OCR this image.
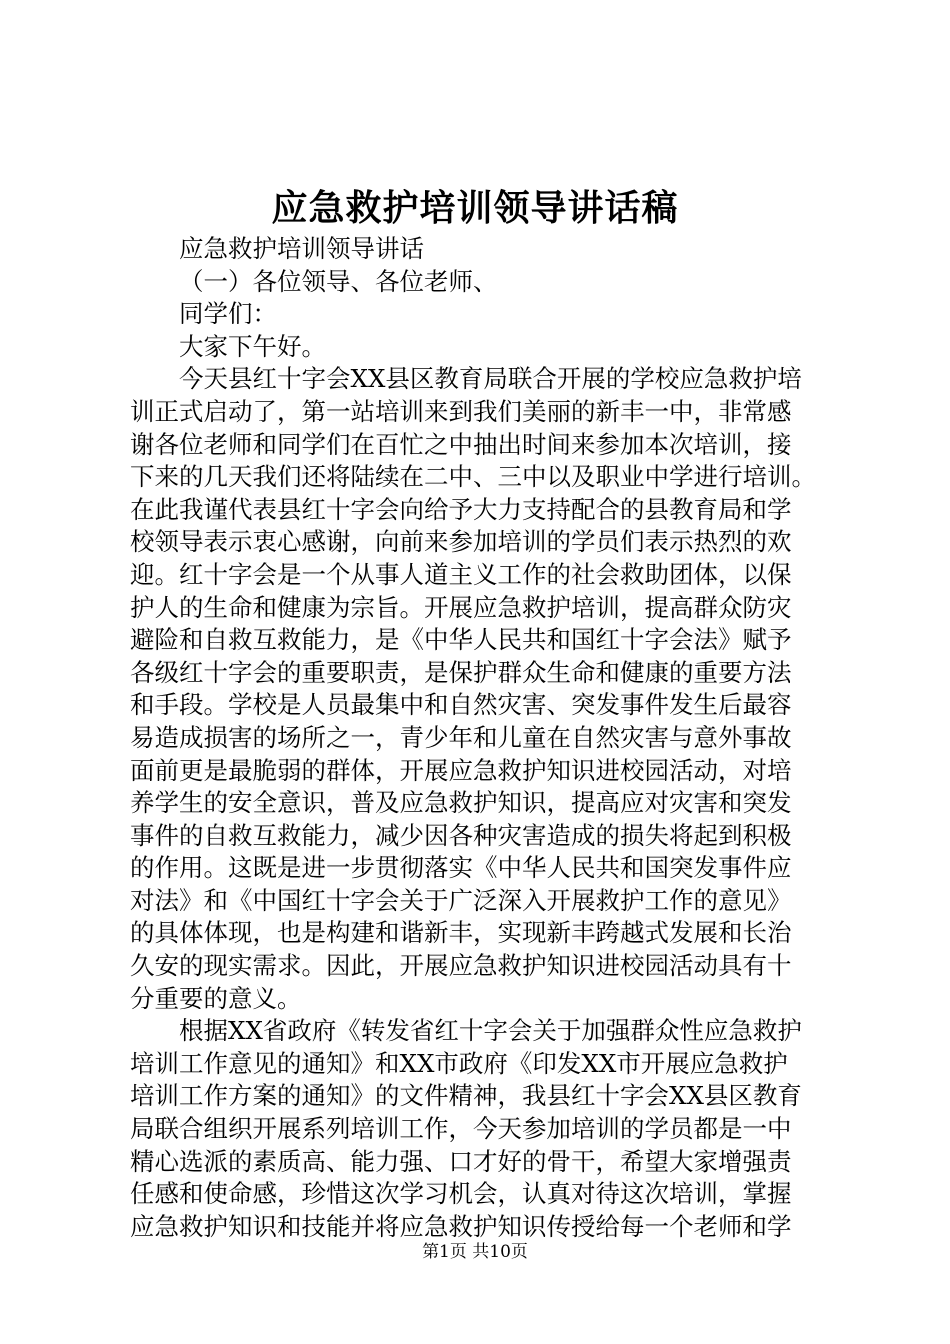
应急救护培训领导讲话稿
应急救护培训领导讲话
（一）各位领导、各位老师、
同学们：
大家下午好。
今天县红十字会XX县区教育局联合开展的学校应急救护培
训正式启动了，第一站培训来到我们美丽的新丰一中，非常感
谢各位老师和同学们在百忙之中抽出时间来参加本次培训，接
下来的几天我们还将陆续在二中、三中以及职业中学进行培训。
在此我谨代表县红十字会向给予大力支持配合的县教育局和学
校领导表示衷心感谢，向前来参加培训的学员们表示热烈的欢
迎。红十字会是一个从事人道主义工作的社会救助团体，以保
护人的生命和健康为宗旨。开展应急救护培训，提高群众防灾
避险和自救互救能力，是《中华人民共和国红十字会法》赋予
各级红十字会的重要职责，是保护群众生命和健康的重要方法
和手段。学校是人员最集中和自然灾害、突发事件发生后最容
易造成损害的场所之一，青少年和儿童在自然灾害与意外事故
面前更是最脆弱的群体，开展应急救护知识进校园活动，对培
养学生的安全意识，普及应急救护知识，提高应对灾害和突发
事件的自救互救能力，减少因各种灾害造成的损失将起到积极
的作用。这既是进一步贯彻落实《中华人民共和国突发事件应
对法》和《中国红十字会关于广泛深入开展救护工作的意见》
的具体体现，也是构建和谐新丰，实现新丰跨越式发展和长治
久安的现实需求。因此，开展应急救护知识进校园活动具有十
分重要的意义。
根据XX省政府《转发省红十字会关于加强群众性应急救护
培训工作意见的通知》和XX市政府《印发XX市开展应急救护
培训工作方案的通知》的文件精神，我县红十字会XX县区教育
局联合组织开展系列培训工作，今天参加培训的学员都是一中
精心选派的素质高、能力强、口才好的骨干，希望大家增强责
任感和使命感，珍惜这次学习机会，认真对待这次培训，掌握
应急救护知识和技能并将应急救护知识传授给每一个老师和学
第1页 共10页
